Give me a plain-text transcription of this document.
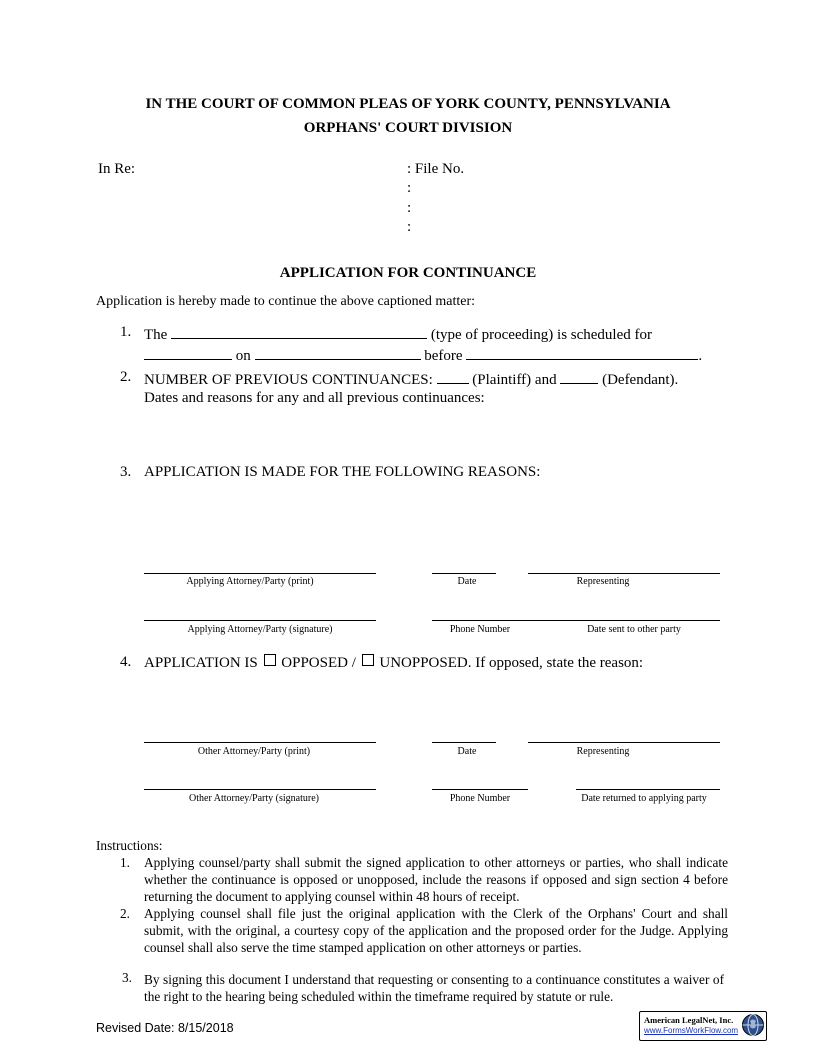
IN THE COURT OF COMMON PLEAS OF YORK COUNTY, PENNSYLVANIA
ORPHANS' COURT DIVISION
In Re:	: File No.
:
:
:
APPLICATION FOR CONTINUANCE
Application is hereby made to continue the above captioned matter:
1. The	(type of proceeding) is scheduled for
on	before	.
2. NUMBER OF PREVIOUS CONTINUANCES:	(Plaintiff) and	(Defendant).
Dates and reasons for any and all previous continuances:
3. APPLICATION IS MADE FOR THE FOLLOWING REASONS:
Applying Attorney/Party (print)	Date	Representing
Applying Attorney/Party (signature)	Phone Number	Date sent to other party
4. APPLICATION IS OPPOSED / UNOPPOSED. If opposed, state the reason:
Other Attorney/Party (print)	Date	Representing
Other Attorney/Party (signature)	Phone Number	Date returned to applying party
Instructions:
1. Applying counsel/party shall submit the signed application to other attorneys or parties, who shall indicate whether the continuance is opposed or unopposed, include the reasons if opposed and sign section 4 before returning the document to applying counsel within 48 hours of receipt.
2. Applying counsel shall file just the original application with the Clerk of the Orphans' Court and shall submit, with the original, a courtesy copy of the application and the proposed order for the Judge. Applying counsel shall also serve the time stamped application on other attorneys or parties.
3. By signing this document I understand that requesting or consenting to a continuance constitutes a waiver of the right to the hearing being scheduled within the timeframe required by statute or rule.
Revised Date: 8/15/2018
American LegalNet, Inc.
www.FormsWorkFlow.com
